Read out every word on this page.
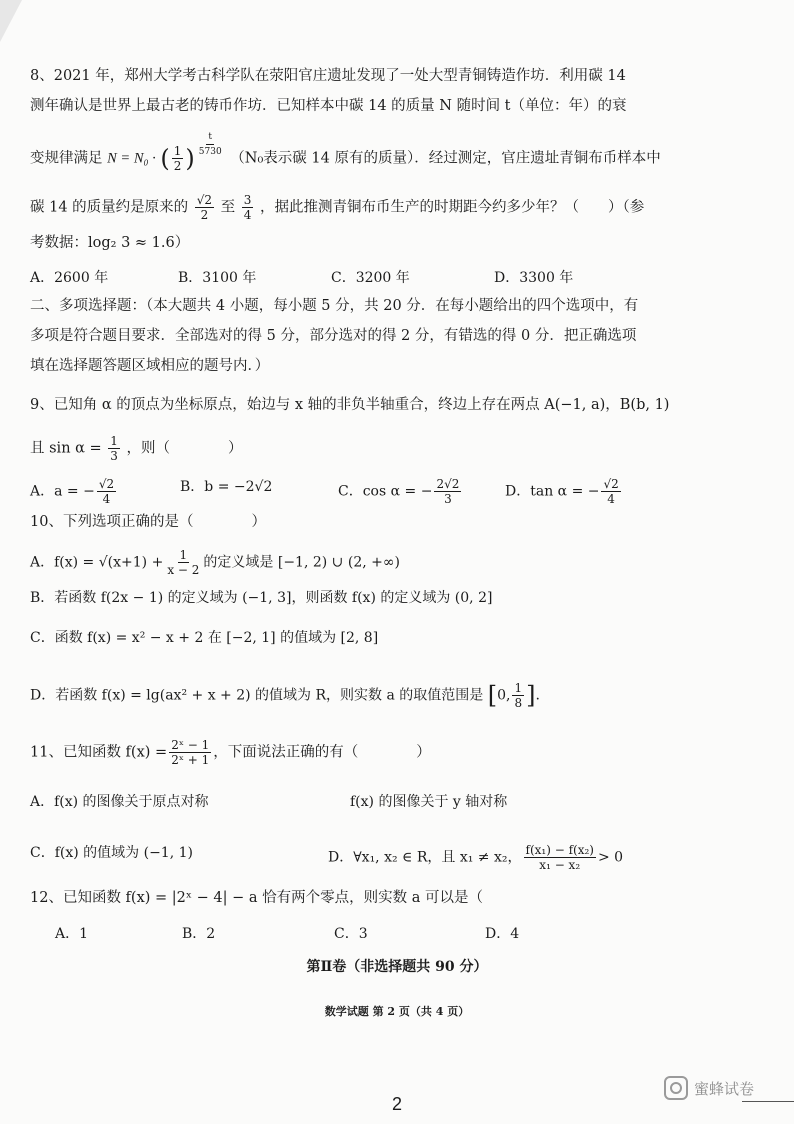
8、2021 年，郑州大学考古科学队在荥阳官庄遗址发现了一处大型青铜铸造作坊．利用碳 14
测年确认是世界上最古老的铸币作坊．已知样本中碳 14 的质量 N 随时间 t（单位：年）的衰
变规律满足 N = N₀ · ( $\frac{1}{2}$ ) $\frac{t}{5730} (N_0$表示碳 14 原有的质量）．经过测定，官庄遗址青铜布币样本中
碳 14 的质量约是原来的 $\frac{√2}{2}$ 至 $\frac{3}{4}$ ，据此推测青铜布币生产的时期距今约多少年？（　　）（参
考数据：log₂ 3 ≈ 1.6）
A．2600 年	B．3100 年	C．3200 年	D．3300 年
二、多项选择题：（本大题共 4 小题，每小题 5 分，共 20 分．在每小题给出的四个选项中，有
多项是符合题目要求．全部选对的得 5 分，部分选对的得 2 分，有错选的得 0 分．把正确选项
填在选择题答题区域相应的题号内．）
9、已知角 α 的顶点为坐标原点，始边与 x 轴的非负半轴重合，终边上存在两点 A(−1, a)，B(b, 1)
且 $\sin \alpha = \frac{1}{3}$ ，则（　　　　）
A．a = − $\frac{√2}{4}$	B．b = −2√2	C．cos α = − $\frac{2√2}{3}$	D．tan α = − $\frac{√2}{4}$
10、下列选项正确的是（　　　　）
A．$f(x) = √(x+1) + \frac{1}{x - 2}$ 的定义域是 [−1, 2) ∪ (2, +∞)
B．若函数 f(2x − 1) 的定义域为 (−1, 3]，则函数 f(x) 的定义域为 (0, 2]
C．函数 f(x) = x² − x + 2 在 [−2, 1] 的值域为 [2, 8]
D．若函数 f(x) = lg(ax² + x + 2) 的值域为 R，则实数 a 的取值范围是 [0, $\frac{1}{8}$ ].
11、已知函数 $f(x) = \frac{\text{2ˣ − 1}}{\text{2ˣ + 1}}$ ，下面说法正确的有（　　　　）
A．f(x) 的图像关于原点对称	f(x) 的图像关于 y 轴对称
C．f(x) 的值域为 (−1, 1)	D．∀x₁, x₂ ∈ R，且 x₁ ≠ x₂， $\frac{\text{f(x₁) − f(x₂)}}{\text{x₁ − x₂}} > 0$
12、已知函数 f(x) = |2ˣ − 4| − a 恰有两个零点，则实数 a 可以是（
A．1	B．2	C．3	D．4
第Ⅱ卷（非选择题共 90 分）
数学试题 第 2 页（共 4 页）
2
蜜蜂试卷
